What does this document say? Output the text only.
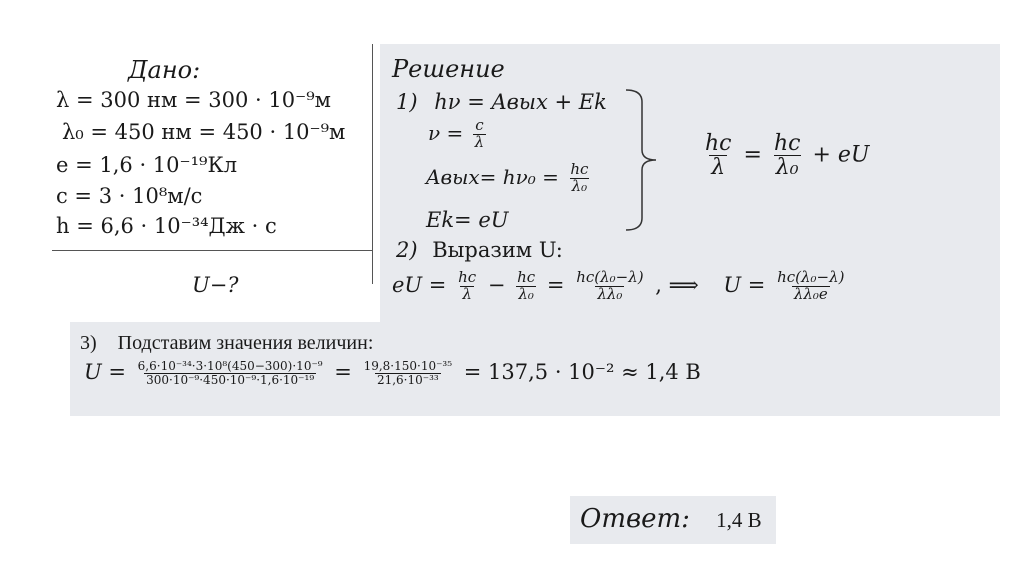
Дано:
λ = 300 нм = 300 · 10⁻⁹м
λ₀ = 450 нм = 450 · 10⁻⁹м
e = 1,6 · 10⁻¹⁹Кл
c = 3 · 10⁸м/с
h = 6,6 · 10⁻³⁴Дж · с
U−?
Решение
1) hν = Aвых + Ek
$\nu = \frac{c}{\lambda}$
Aвых= $h\nu_0 = \frac{hc}{\text{λ₀}}$
Ek= eU
$\frac{hc}{\lambda} = \frac{hc}{\text{λ₀}}$ + eU
2) Выразим U:
eU = $\frac{hc}{\lambda} - \frac{hc}{\text{λ₀}} = \frac{\text{hc(λ₀−λ)}}{\text{λλ₀}}$ , ⟹ $U = \frac{\text{hc(λ₀−λ)}}{\text{λλ₀e}}$
3) Подставим значения величин:
$U = \frac{\text{6,6·10⁻³⁴·3·10⁸(450−300)·10⁻⁹}}{\text{300·10⁻⁹·450·10⁻⁹·1,6·10⁻¹⁹}} = \frac{\text{19,8·150·10⁻³⁵}}{\text{21,6·10⁻³³}} = 137,5 \cdot 10^{-2} \approx 1,4$ В
Ответ: 1,4 В
